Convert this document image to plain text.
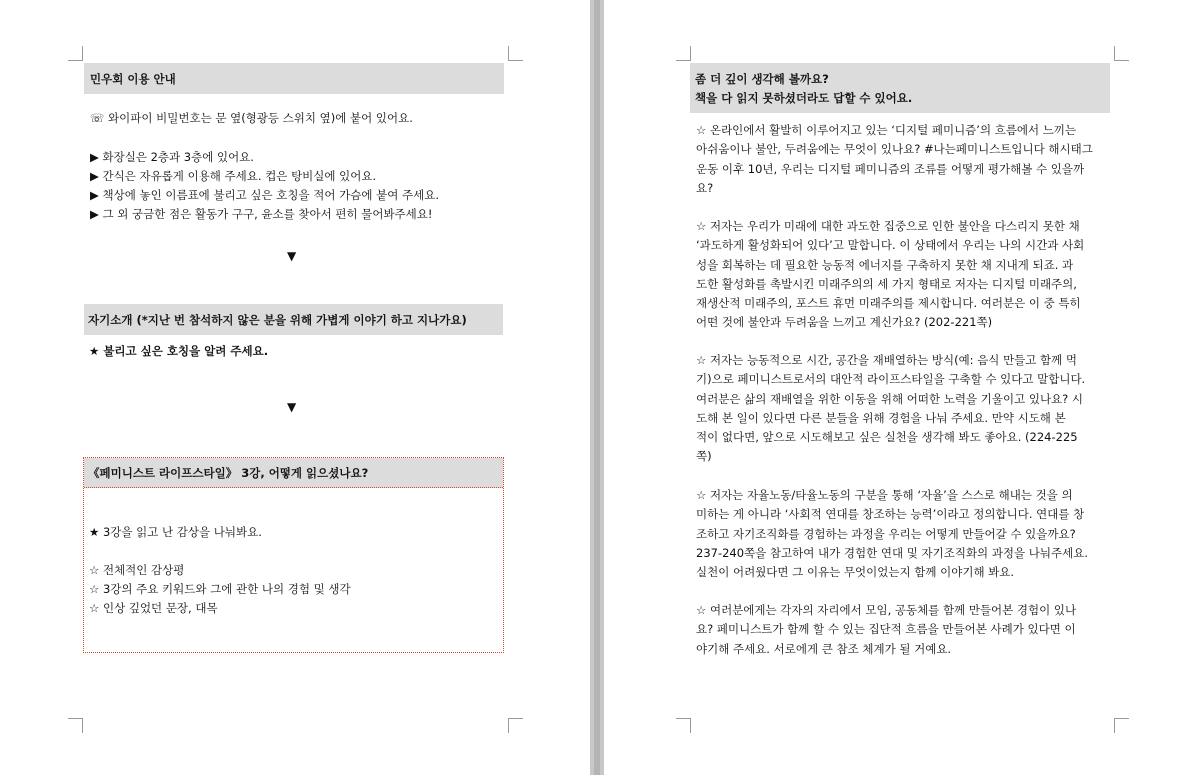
민우회 이용 안내
☏ 와이파이 비밀번호는 문 옆(형광등 스위치 옆)에 붙어 있어요.
▶ 화장실은 2층과 3층에 있어요.
▶ 간식은 자유롭게 이용해 주세요. 컵은 탕비실에 있어요.
▶ 책상에 놓인 이름표에 불리고 싶은 호칭을 적어 가슴에 붙여 주세요.
▶ 그 외 궁금한 점은 활동가 구구, 윤소를 찾아서 편히 물어봐주세요!
▼
자기소개 (*지난 번 참석하지 않은 분을 위해 가볍게 이야기 하고 지나가요)
★ 불리고 싶은 호칭을 알려 주세요.
▼
《페미니스트 라이프스타일》 3강, 어떻게 읽으셨나요?
★ 3강을 읽고 난 감상을 나눠봐요.
☆ 전체적인 감상평
☆ 3강의 주요 키워드와 그에 관한 나의 경험 및 생각
☆ 인상 깊었던 문장, 대목
좀 더 깊이 생각해 볼까요?
책을 다 읽지 못하셨더라도 답할 수 있어요.
☆ 온라인에서 활발히 이루어지고 있는 ‘디지털 페미니즘’의 흐름에서 느끼는
아쉬움이나 불안, 두려움에는 무엇이 있나요? #나는페미니스트입니다 해시태그
운동 이후 10년, 우리는 디지털 페미니즘의 조류를 어떻게 평가해볼 수 있을까
요?
☆ 저자는 우리가 미래에 대한 과도한 집중으로 인한 불안을 다스리지 못한 채
‘과도하게 활성화되어 있다’고 말합니다. 이 상태에서 우리는 나의 시간과 사회
성을 회복하는 데 필요한 능동적 에너지를 구축하지 못한 채 지내게 되죠. 과
도한 활성화를 촉발시킨 미래주의의 세 가지 형태로 저자는 디지털 미래주의,
재생산적 미래주의, 포스트 휴먼 미래주의를 제시합니다. 여러분은 이 중 특히
어떤 것에 불안과 두려움을 느끼고 계신가요? (202-221쪽)
☆ 저자는 능동적으로 시간, 공간을 재배열하는 방식(예: 음식 만들고 함께 먹
기)으로 페미니스트로서의 대안적 라이프스타일을 구축할 수 있다고 말합니다.
여러분은 삶의 재배열을 위한 이동을 위해 어떠한 노력을 기울이고 있나요? 시
도해 본 일이 있다면 다른 분들을 위해 경험을 나눠 주세요. 만약 시도해 본
적이 없다면, 앞으로 시도해보고 싶은 실천을 생각해 봐도 좋아요. (224-225
쪽)
☆ 저자는 자율노동/타율노동의 구분을 통해 ‘자율’을 스스로 해내는 것을 의
미하는 게 아니라 ‘사회적 연대를 창조하는 능력’이라고 정의합니다. 연대를 창
조하고 자기조직화를 경험하는 과정을 우리는 어떻게 만들어갈 수 있을까요?
237-240쪽을 참고하여 내가 경험한 연대 및 자기조직화의 과정을 나눠주세요.
실천이 어려웠다면 그 이유는 무엇이었는지 함께 이야기해 봐요.
☆ 여러분에게는 각자의 자리에서 모임, 공동체를 함께 만들어본 경험이 있나
요? 페미니스트가 함께 할 수 있는 집단적 흐름을 만들어본 사례가 있다면 이
야기해 주세요. 서로에게 큰 참조 체계가 될 거예요.
